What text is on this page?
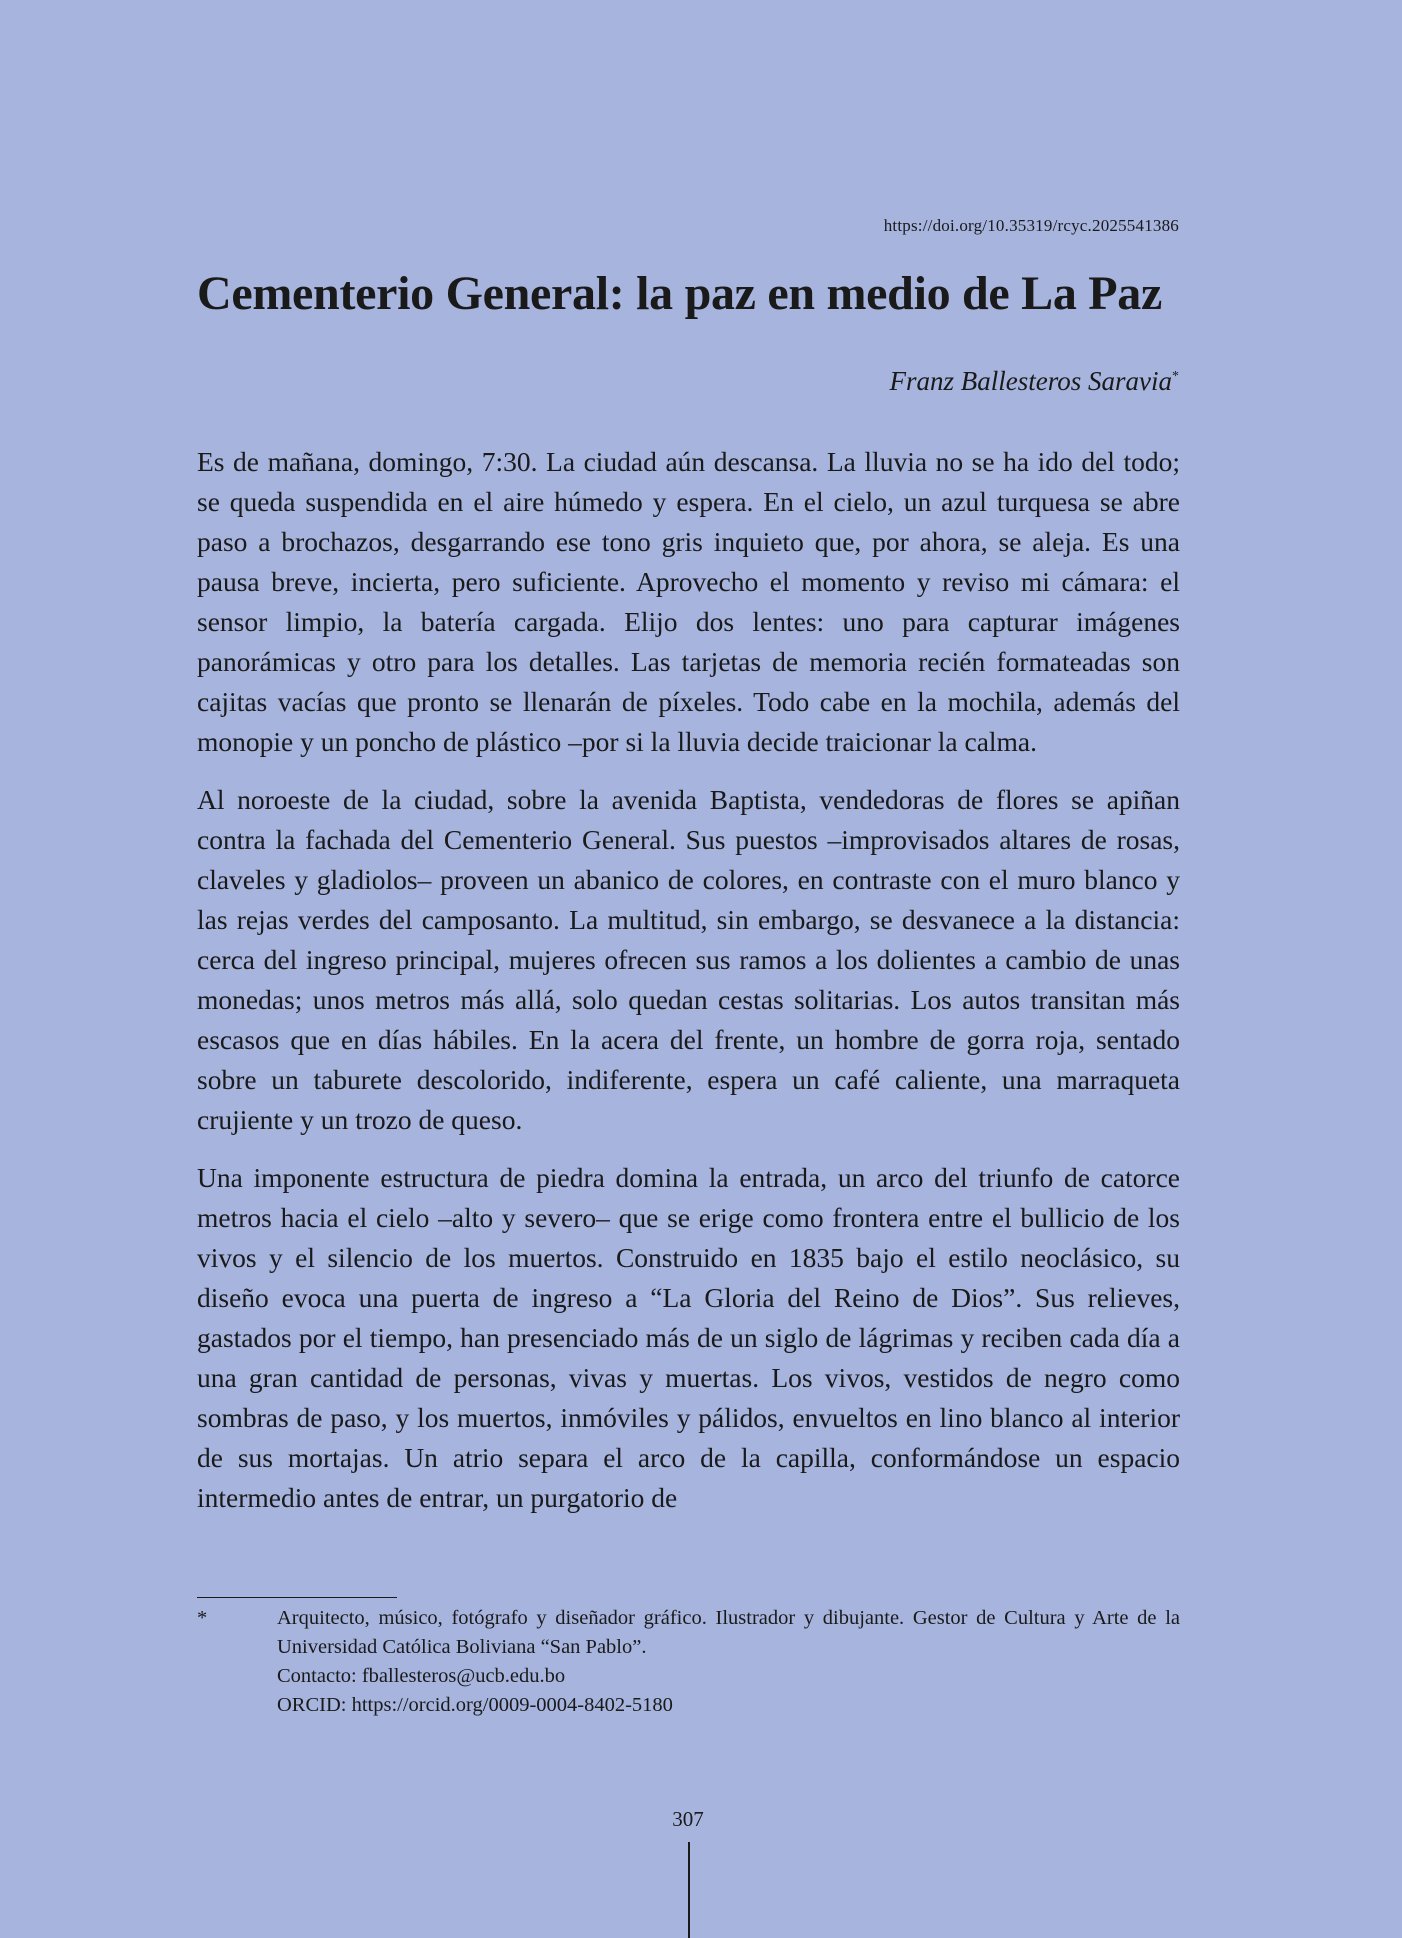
https://doi.org/10.35319/rcyc.2025541386
Cementerio General: la paz en medio de La Paz
Franz Ballesteros Saravia*

Es de mañana, domingo, 7:30. La ciudad aún descansa. La lluvia no se ha ido del todo; se queda suspendida en el aire húmedo y espera. En el cielo, un azul turquesa se abre paso a brochazos, desgarrando ese tono gris inquieto que, por ahora, se aleja. Es una pausa breve, incierta, pero suficiente. Aprovecho el momento y reviso mi cámara: el sensor limpio, la batería cargada. Elijo dos lentes: uno para capturar imágenes panorámicas y otro para los detalles. Las tarjetas de memoria recién formateadas son cajitas vacías que pronto se llenarán de píxeles. Todo cabe en la mochila, además del monopie y un poncho de plástico –por si la lluvia decide traicionar la calma.

Al noroeste de la ciudad, sobre la avenida Baptista, vendedoras de flores se apiñan contra la fachada del Cementerio General. Sus puestos –improvisados altares de rosas, claveles y gladiolos– proveen un abanico de colores, en contraste con el muro blanco y las rejas verdes del camposanto. La multitud, sin embargo, se desvanece a la distancia: cerca del ingreso principal, mujeres ofrecen sus ramos a los dolientes a cambio de unas monedas; unos metros más allá, solo quedan cestas solitarias. Los autos transitan más escasos que en días hábiles. En la acera del frente, un hombre de gorra roja, sentado sobre un taburete descolorido, indiferente, espera un café caliente, una marraqueta crujiente y un trozo de queso.

Una imponente estructura de piedra domina la entrada, un arco del triunfo de catorce metros hacia el cielo –alto y severo– que se erige como frontera entre el bullicio de los vivos y el silencio de los muertos. Construido en 1835 bajo el estilo neoclásico, su diseño evoca una puerta de ingreso a “La Gloria del Reino de Dios”. Sus relieves, gastados por el tiempo, han presenciado más de un siglo de lágrimas y reciben cada día a una gran cantidad de personas, vivas y muertas. Los vivos, vestidos de negro como sombras de paso, y los muertos, inmóviles y pálidos, envueltos en lino blanco al interior de sus mortajas. Un atrio separa el arco de la capilla, conformándose un espacio intermedio antes de entrar, un purgatorio de

*	Arquitecto, músico, fotógrafo y diseñador gráfico. Ilustrador y dibujante. Gestor de Cultura y Arte de la Universidad Católica Boliviana “San Pablo”.
Contacto: fballesteros@ucb.edu.bo
ORCID: https://orcid.org/0009-0004-8402-5180
307
